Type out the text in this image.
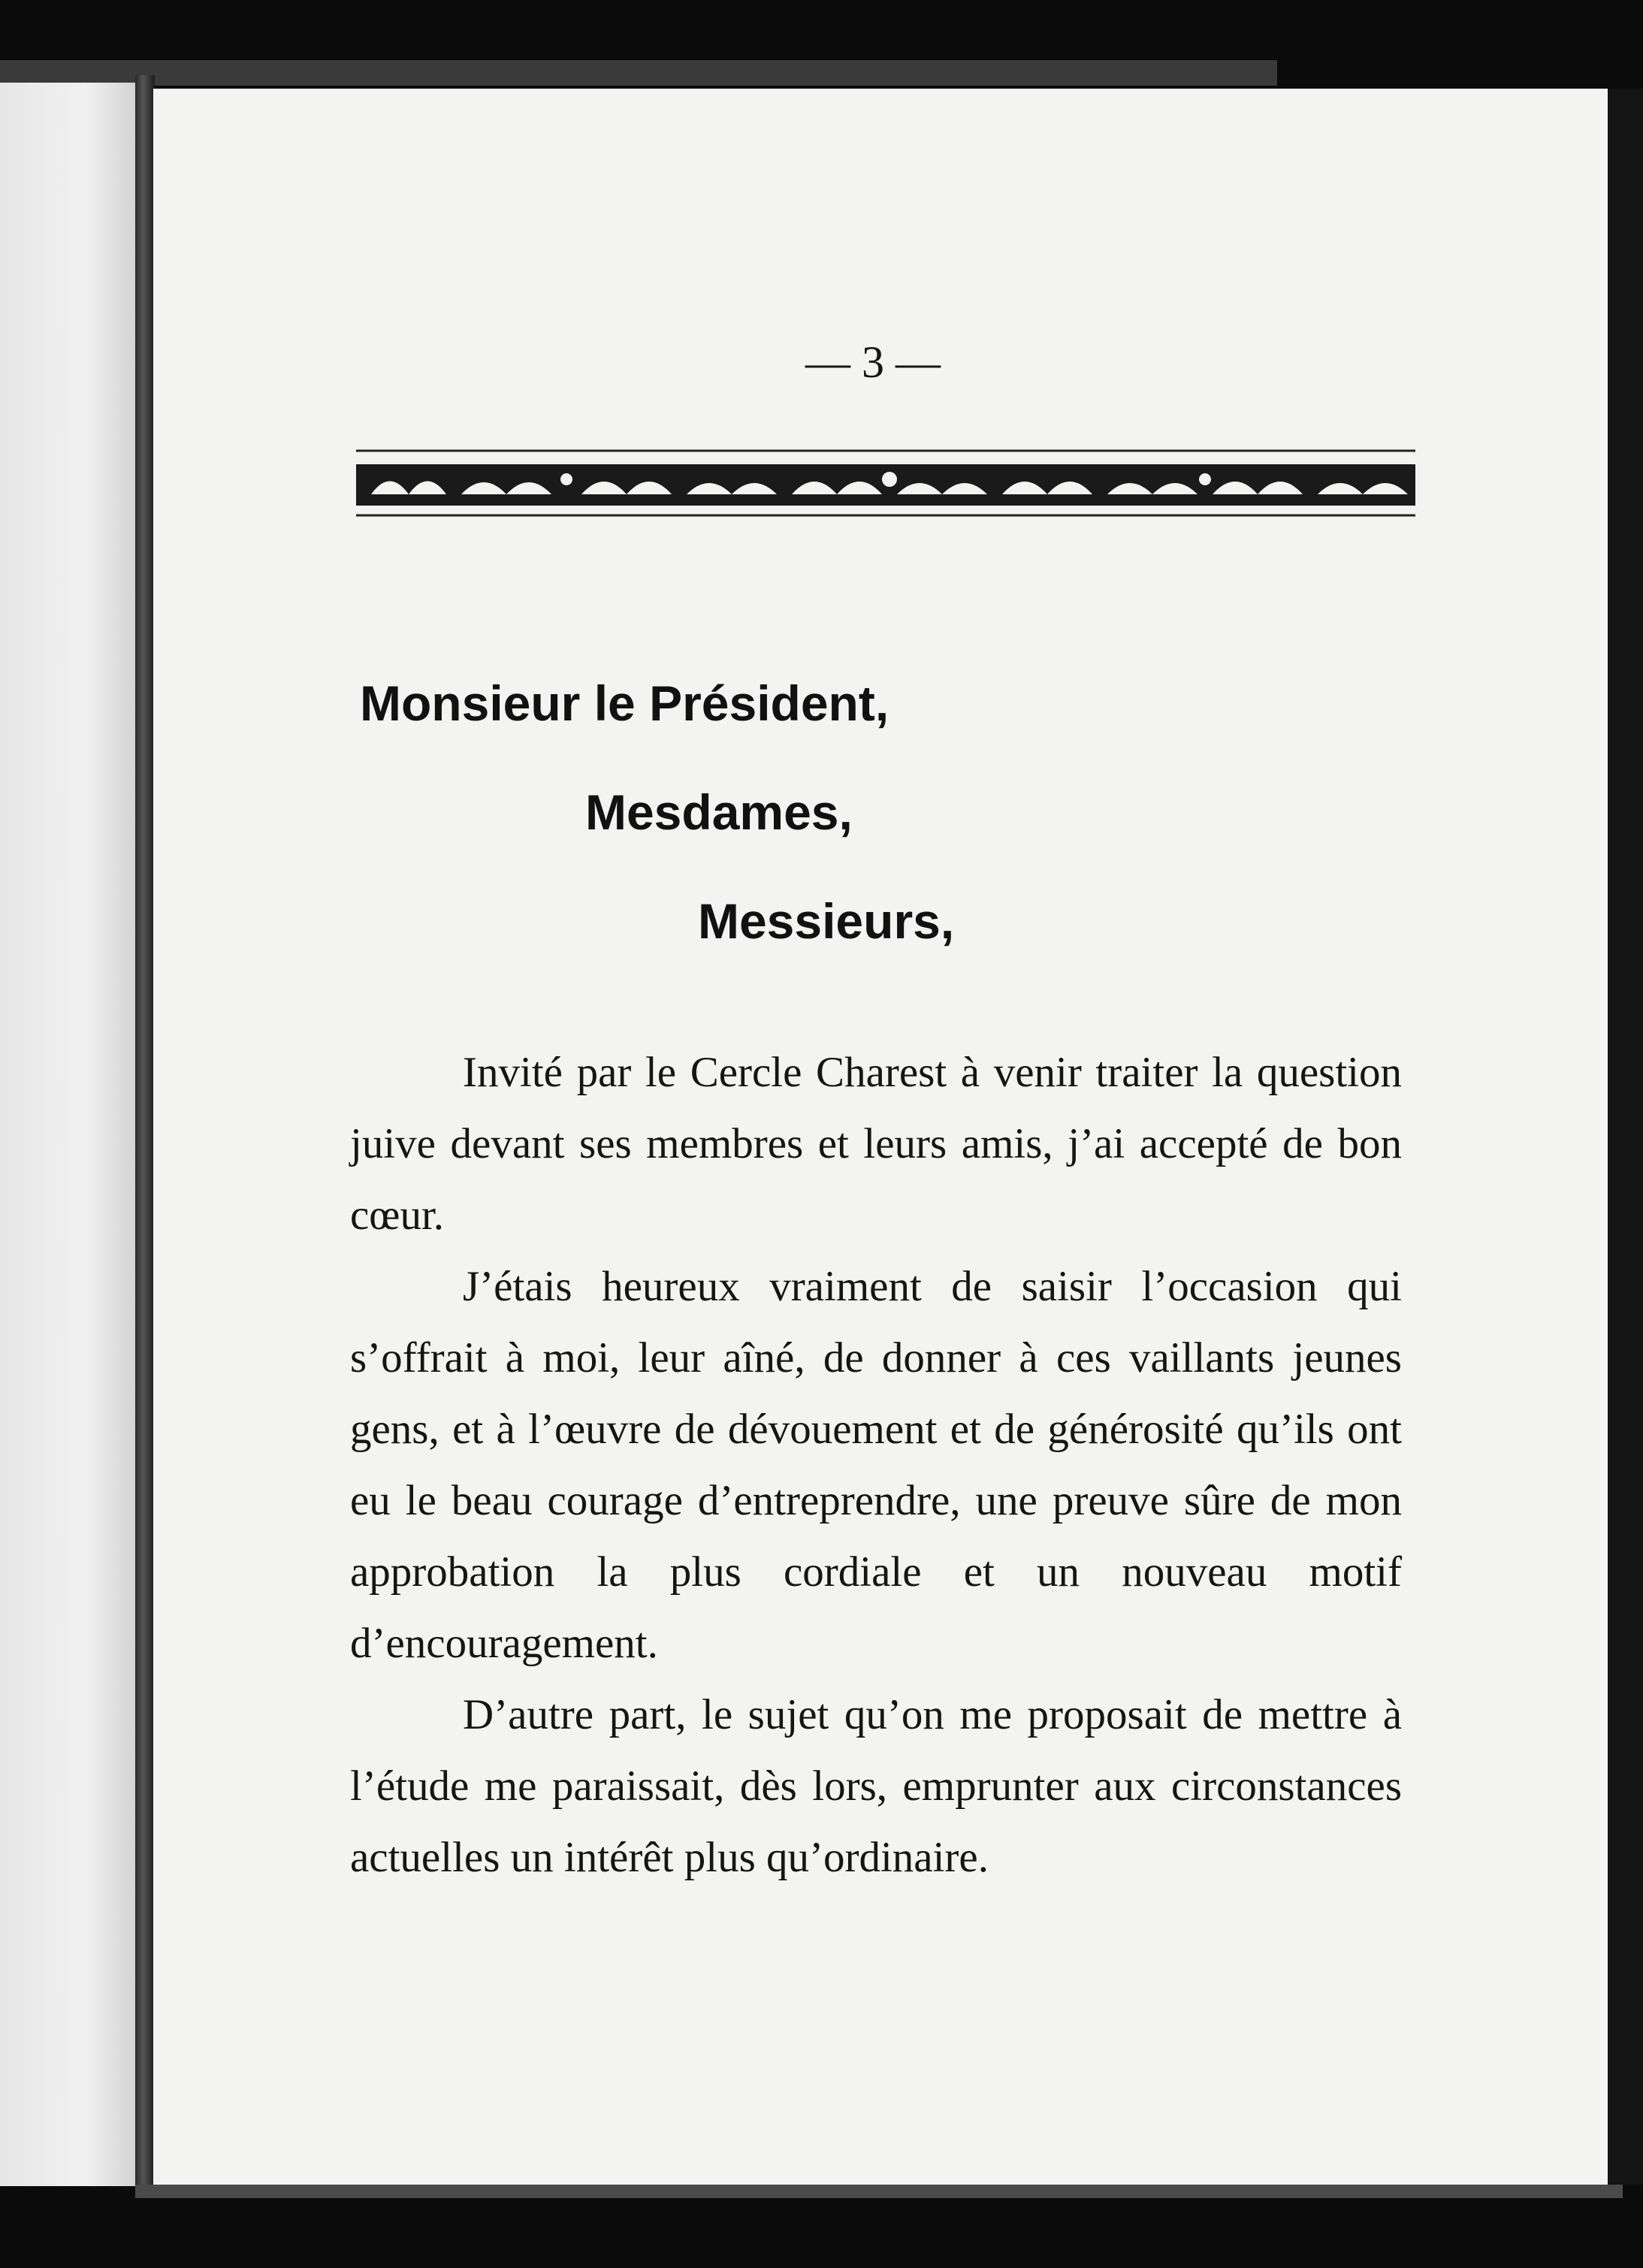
— 3 —
Monsieur le Président,
Mesdames,
Messieurs,

Invité par le Cercle Charest à venir traiter la question juive devant ses membres et leurs amis, j’ai accepté de bon cœur.

J’étais heureux vraiment de saisir l’occasion qui s’offrait à moi, leur aîné, de donner à ces vaillants jeunes gens, et à l’œuvre de dévouement et de générosité qu’ils ont eu le beau courage d’entreprendre, une preuve sûre de mon approbation la plus cordiale et un nouveau motif d’encouragement.

D’autre part, le sujet qu’on me proposait de mettre à l’étude me paraissait, dès lors, emprunter aux circonstances actuelles un intérêt plus qu’ordinaire.
